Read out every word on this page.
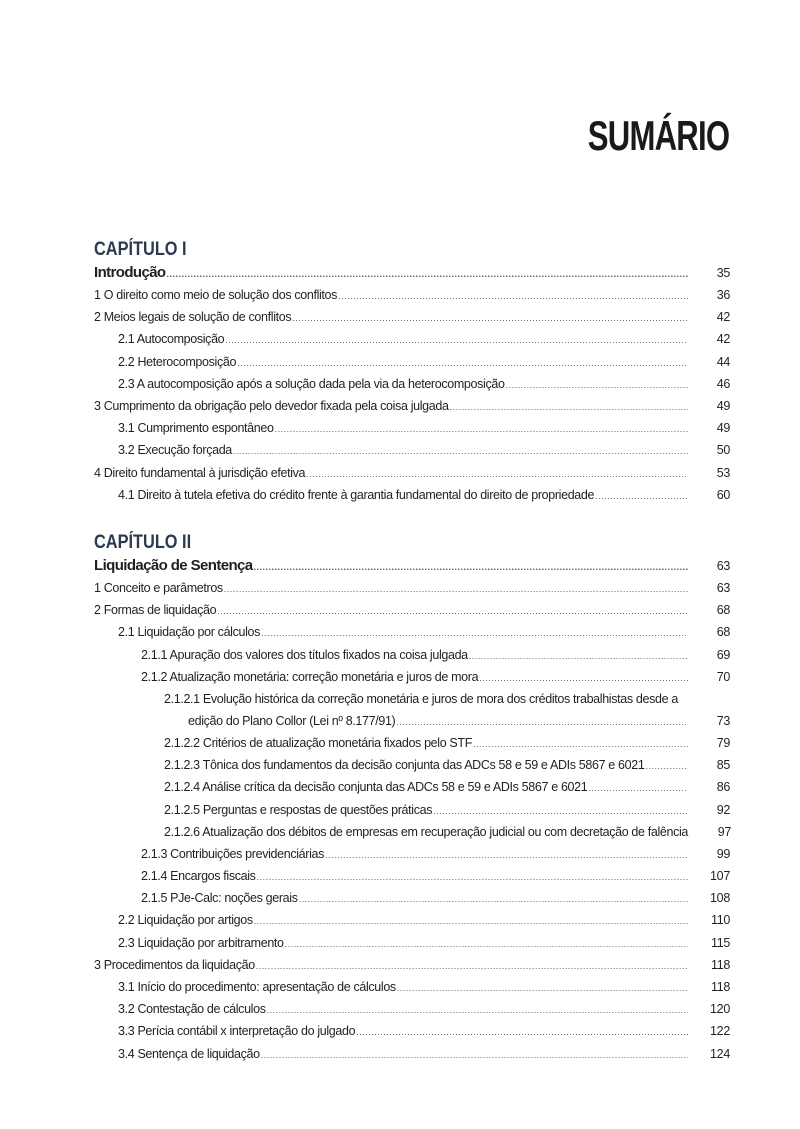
SUMÁRIO
CAPÍTULO I
Introdução .....	35
1 O direito como meio de solução dos conflitos .....	36
2 Meios legais de solução de conflitos .....	42
2.1 Autocomposição .....	42
2.2 Heterocomposição .....	44
2.3 A autocomposição após a solução dada pela via da heterocomposição .....	46
3 Cumprimento da obrigação pelo devedor fixada pela coisa julgada .....	49
3.1 Cumprimento espontâneo .....	49
3.2 Execução forçada .....	50
4 Direito fundamental à jurisdição efetiva .....	53
4.1 Direito à tutela efetiva do crédito frente à garantia fundamental do direito de propriedade .....	60
CAPÍTULO II
Liquidação de Sentença .....	63
1 Conceito e parâmetros .....	63
2 Formas de liquidação .....	68
2.1 Liquidação por cálculos .....	68
2.1.1 Apuração dos valores dos títulos fixados na coisa julgada .....	69
2.1.2 Atualização monetária: correção monetária e juros de mora .....	70
2.1.2.1 Evolução histórica da correção monetária e juros de mora dos créditos trabalhistas desde a
edição do Plano Collor (Lei nº 8.177/91) .....	73
2.1.2.2 Critérios de atualização monetária fixados pelo STF .....	79
2.1.2.3 Tônica dos fundamentos da decisão conjunta das ADCs 58 e 59 e ADIs 5867 e 6021 .....	85
2.1.2.4 Análise crítica da decisão conjunta das ADCs 58 e 59 e ADIs 5867 e 6021 .....	86
2.1.2.5 Perguntas e respostas de questões práticas .....	92
2.1.2.6 Atualização dos débitos de empresas em recuperação judicial ou com decretação de falência	97
2.1.3 Contribuições previdenciárias .....	99
2.1.4 Encargos fiscais .....	107
2.1.5 PJe-Calc: noções gerais .....	108
2.2 Liquidação por artigos .....	110
2.3 Liquidação por arbitramento .....	115
3 Procedimentos da liquidação .....	118
3.1 Início do procedimento: apresentação de cálculos .....	118
3.2 Contestação de cálculos .....	120
3.3 Perícia contábil x interpretação do julgado .....	122
3.4 Sentença de liquidação .....	124
